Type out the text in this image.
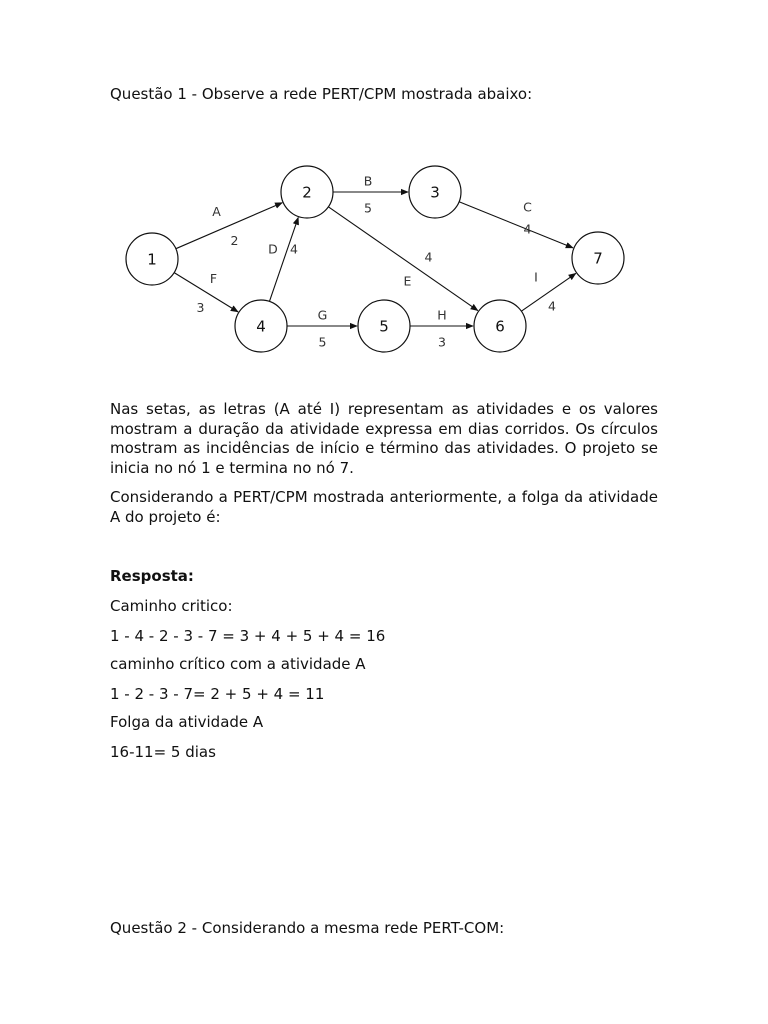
Questão 1 - Observe a rede PERT/CPM mostrada abaixo:

A
2
B
5	C
4
D 4
E
4
F
3	G
5
H
3
I
4
1
2	3
4	5	6
7

Nas setas, as letras (A até I) representam as atividades e os valores mostram a duração da atividade expressa em dias corridos. Os círculos mostram as incidências de início e término das atividades. O projeto se inicia no nó 1 e termina no nó 7.

Considerando a PERT/CPM mostrada anteriormente, a folga da atividade A do projeto é:

Resposta:

Caminho critico:

1 - 4 - 2 - 3 - 7 = 3 + 4 + 5 + 4 = 16

caminho crítico com a atividade A

1 - 2 - 3 - 7= 2 + 5 + 4 = 11

Folga da atividade A

16-11= 5 dias

Questão 2 - Considerando a mesma rede PERT-COM:
